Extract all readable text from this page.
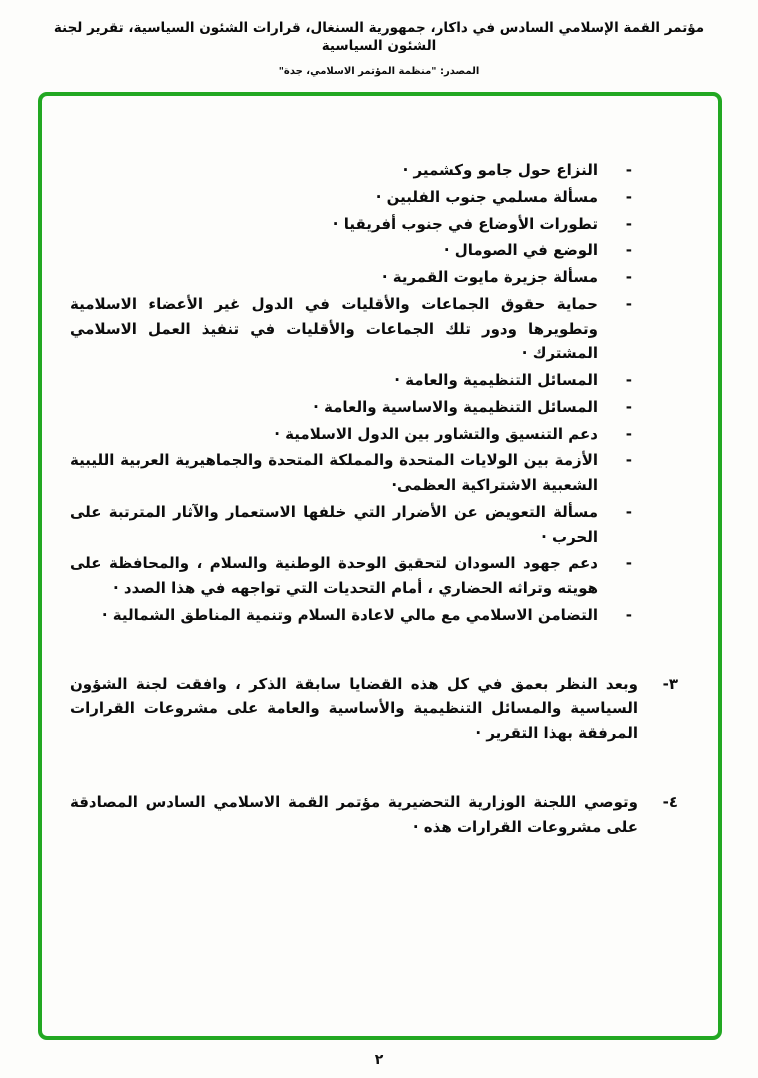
مؤتمر القمة الإسلامي السادس في داكار، جمهورية السنغال، قرارات الشئون السياسية، تقرير لجنة الشئون السياسية
المصدر: "منظمة المؤتمر الاسلامي، جدة"
-
النزاع حول جامو وكشمير ·
-
مسألة مسلمي جنوب الفلبين ·
-
تطورات الأوضاع في جنوب أفريقيا ·
-
الوضع في الصومال ·
-
مسألة جزيرة مايوت القمرية ·
-
حماية حقوق الجماعات والأقليات في الدول غير الأعضاء الاسلامية وتطويرها ودور تلك الجماعات والأقليات في تنفيذ العمل الاسلامي المشترك ·
-
المسائل التنظيمية والعامة ·
-
المسائل التنظيمية والاساسية والعامة ·
-
دعم التنسيق والتشاور بين الدول الاسلامية ·
-
الأزمة بين الولايات المتحدة والمملكة المتحدة والجماهيرية العربية الليبية الشعبية الاشتراكية العظمى·
-
مسألة التعويض عن الأضرار التي خلفها الاستعمار والآثار المترتبة على الحرب ·
-
دعم جهود السودان لتحقيق الوحدة الوطنية والسلام ، والمحافظة على هويته وتراثه الحضاري ، أمام التحديات التي تواجهه في هذا الصدد ·
-
التضامن الاسلامي مع مالي لاعادة السلام وتنمية المناطق الشمالية ·
٣-
وبعد النظر بعمق في كل هذه القضايا سابقة الذكر ، وافقت لجنة الشؤون السياسية والمسائل التنظيمية والأساسية والعامة على مشروعات القرارات المرفقة بهذا التقرير ·
٤-
وتوصي اللجنة الوزارية التحضيرية مؤتمر القمة الاسلامي السادس المصادقة على مشروعات القرارات هذه ·
٢
